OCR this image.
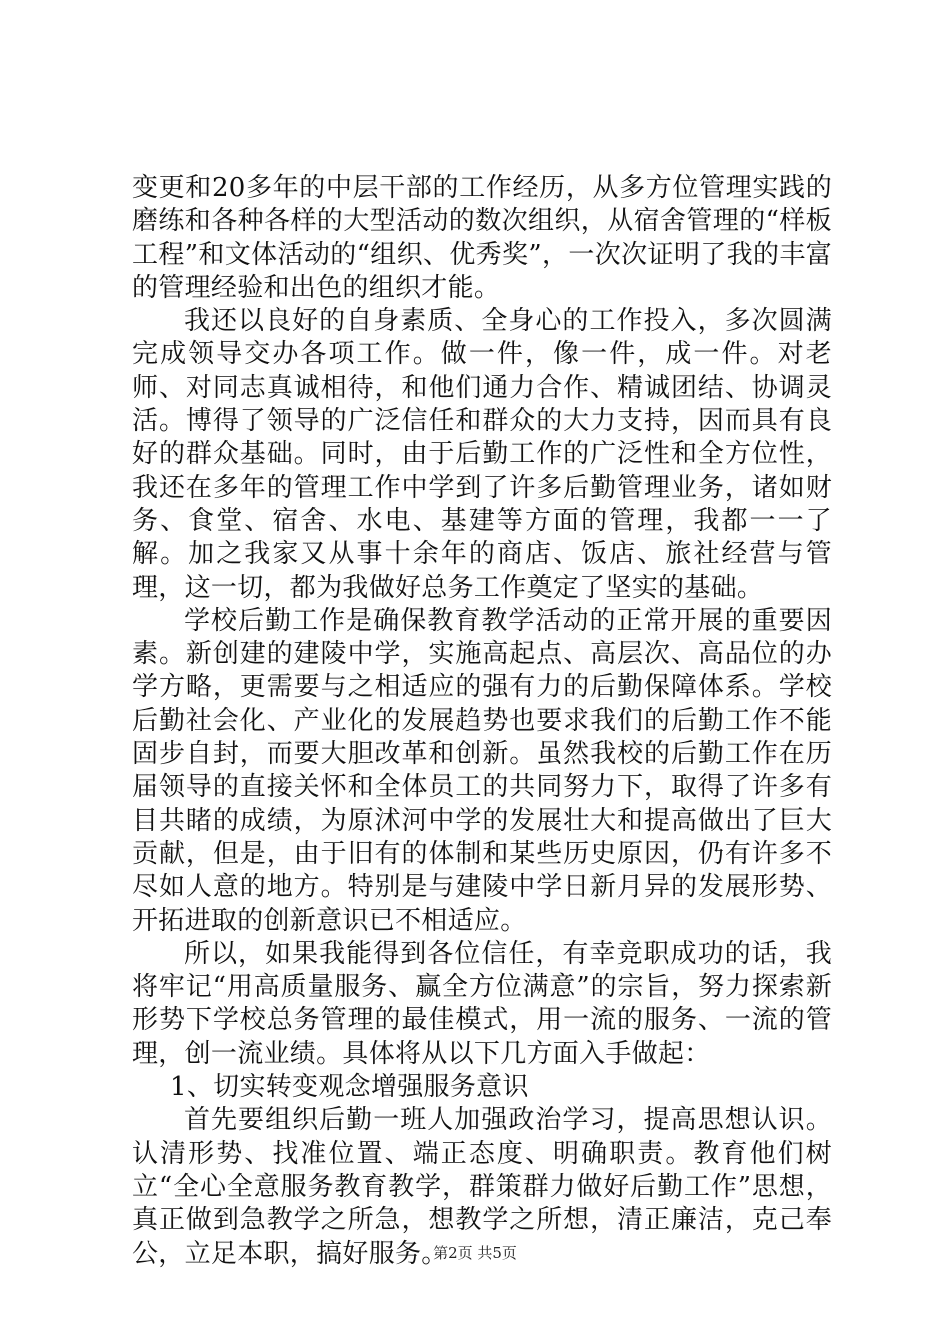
变更和20多年的中层干部的工作经历，从多方位管理实践的磨练和各种各样的大型活动的数次组织，从宿舍管理的“样板工程”和文体活动的“组织、优秀奖”，一次次证明了我的丰富的管理经验和出色的组织才能。

我还以良好的自身素质、全身心的工作投入，多次圆满完成领导交办各项工作。做一件，像一件，成一件。对老师、对同志真诚相待，和他们通力合作、精诚团结、协调灵活。博得了领导的广泛信任和群众的大力支持，因而具有良好的群众基础。同时，由于后勤工作的广泛性和全方位性，我还在多年的管理工作中学到了许多后勤管理业务，诸如财务、食堂、宿舍、水电、基建等方面的管理，我都一一了解。加之我家又从事十余年的商店、饭店、旅社经营与管理，这一切，都为我做好总务工作奠定了坚实的基础。

学校后勤工作是确保教育教学活动的正常开展的重要因素。新创建的建陵中学，实施高起点、高层次、高品位的办学方略，更需要与之相适应的强有力的后勤保障体系。学校后勤社会化、产业化的发展趋势也要求我们的后勤工作不能固步自封，而要大胆改革和创新。虽然我校的后勤工作在历届领导的直接关怀和全体员工的共同努力下，取得了许多有目共睹的成绩，为原沭河中学的发展壮大和提高做出了巨大贡献，但是，由于旧有的体制和某些历史原因，仍有许多不尽如人意的地方。特别是与建陵中学日新月异的发展形势、开拓进取的创新意识已不相适应。

所以，如果我能得到各位信任，有幸竞职成功的话，我将牢记“用高质量服务、赢全方位满意”的宗旨，努力探索新形势下学校总务管理的最佳模式，用一流的服务、一流的管理，创一流业绩。具体将从以下几方面入手做起：

1、切实转变观念增强服务意识

首先要组织后勤一班人加强政治学习，提高思想认识。认清形势、找准位置、端正态度、明确职责。教育他们树立“全心全意服务教育教学，群策群力做好后勤工作”思想，真正做到急教学之所急，想教学之所想，清正廉洁，克己奉公，立足本职，搞好服务。

第2页 共5页
